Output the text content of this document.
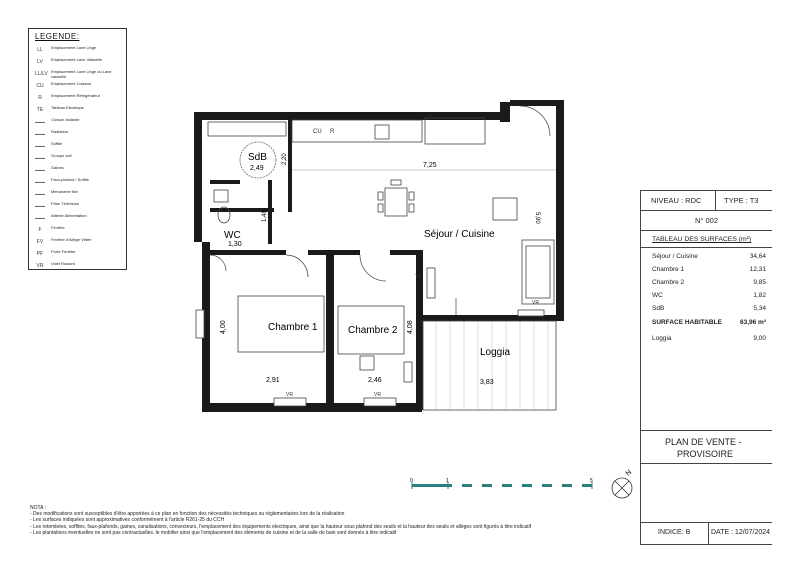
LEGENDE:
LL	Emplacement Lave Linge
LV	Emplacement Lave Vaisselle
LL/LV Emplacement Lave Linge ou Lave vaisselle
CU	Emplacement Cuisson
R	Emplacement Réfrigérateur
TE	Tableau Electrique
Cloison Isolante
Radiateur
Soffite
Groupe soll
Gaines
Faux-plafond / Soffite
Menuiserie fixe
Prise Télévision
Attente Alimentation
F	Fenêtre
FV	Fenêtre d'Allège Vitrée
PF	Porte Fenêtre
VR	Volet Roulant
CU R
TV
VR	VR
VR
SdB
2,49
WC
1,30
Séjour / Cuisine
Chambre 1	Chambre 2
Loggia
3,83
7,25
5,90
1,48
2,20
4,00	4,08
2,91	2,46
0	1	5
N
NIVEAU : RDC	TYPE : T3
N° 002
TABLEAU DES SURFACES (m²)
Séjour / Cuisine	34,64
Chambre 1	12,31
Chambre 2	9,85
WC	1,82
SdB	5,34
SURFACE HABITABLE	63,96 m²
Loggia	9,00
PLAN DE VENTE -
PROVISOIRE
INDICE: B	DATE : 12/07/2024
NOTA :
- Des modifications sont susceptibles d'être apportées à ce plan en fonction des nécessités techniques ou réglementaires lors de la réalisation
- Les surfaces indiquées sont approximatives conformément à l'article R261-25 du CCH
- Les retombées, soffites, faux-plafonds, gaines, canalisations, convecteurs, l'emplacement des équipements électriques, ainsi que la hauteur sous plafond des seuils et la hauteur des seuils et allèges sont figurés à titre indicatif
- Les plantations éventuelles ne sont pas contractuelles. le mobilier ainsi que l'emplacement des éléments de cuisine et de la salle de bain sont donnés à titre indicatif
